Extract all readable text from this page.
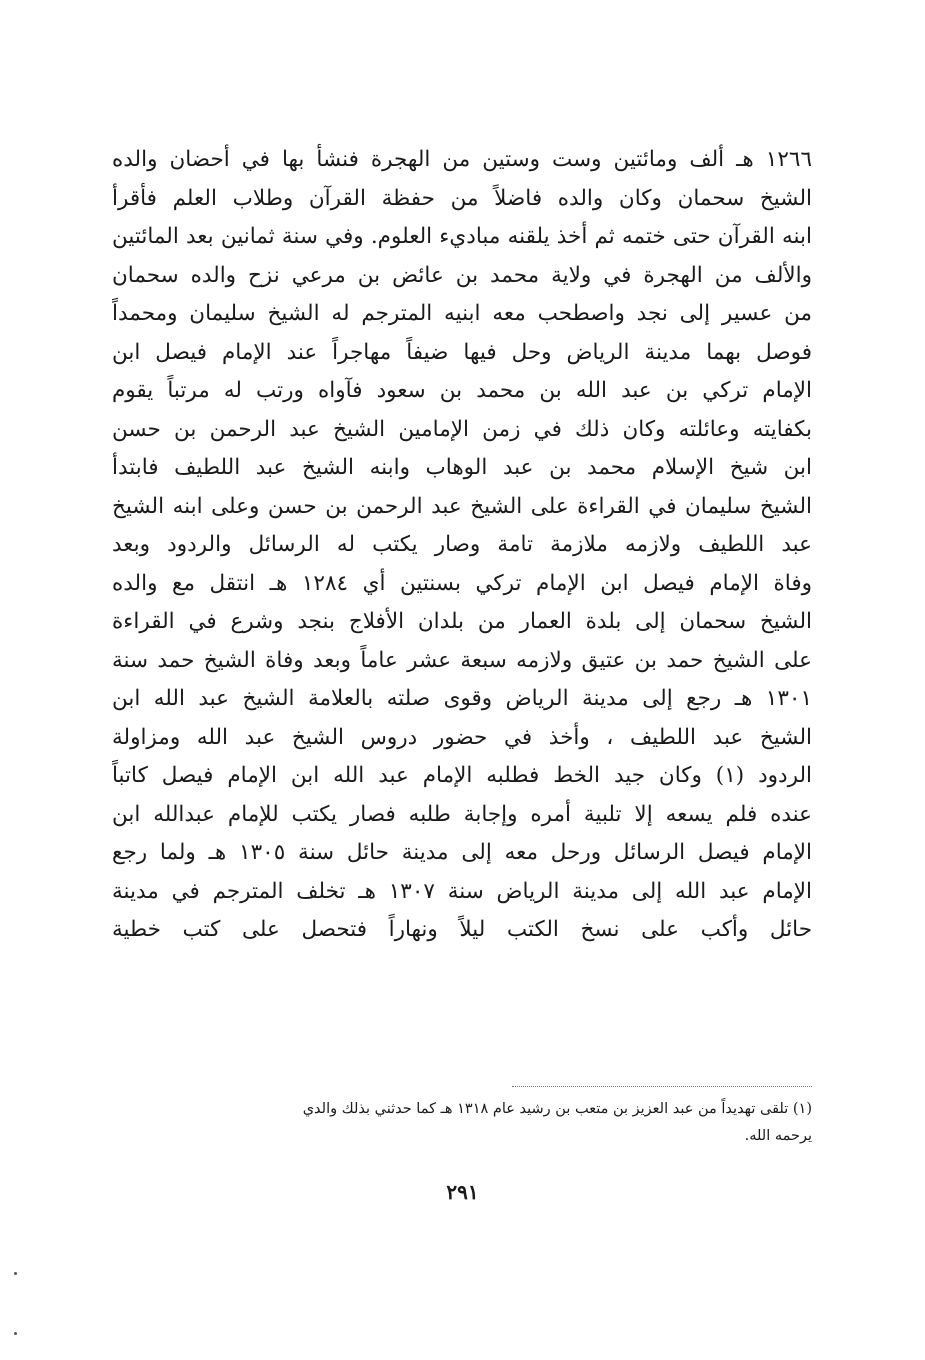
١٢٦٦ هـ ألف ومائتين وست وستين من الهجرة فنشأ بها في أحضان والده
الشيخ سحمان وكان والده فاضلاً من حفظة القرآن وطلاب العلم فأقرأ
ابنه القرآن حتى ختمه ثم أخذ يلقنه مباديء العلوم. وفي سنة ثمانين بعد المائتين
والألف من الهجرة في ولاية محمد بن عائض بن مرعي نزح والده سحمان
من عسير إلى نجد واصطحب معه ابنيه المترجم له الشيخ سليمان ومحمداً
فوصل بهما مدينة الرياض وحل فيها ضيفاً مهاجراً عند الإمام فيصل ابن
الإمام تركي بن عبد الله بن محمد بن سعود فآواه ورتب له مرتباً يقوم
بكفايته وعائلته وكان ذلك في زمن الإمامين الشيخ عبد الرحمن بن حسن
ابن شيخ الإسلام محمد بن عبد الوهاب وابنه الشيخ عبد اللطيف فابتدأ
الشيخ سليمان في القراءة على الشيخ عبد الرحمن بن حسن وعلى ابنه الشيخ
عبد اللطيف ولازمه ملازمة تامة وصار يكتب له الرسائل والردود وبعد
وفاة الإمام فيصل ابن الإمام تركي بسنتين أي ١٢٨٤ هـ انتقل مع والده
الشيخ سحمان إلى بلدة العمار من بلدان الأفلاج بنجد وشرع في القراءة
على الشيخ حمد بن عتيق ولازمه سبعة عشر عاماً وبعد وفاة الشيخ حمد سنة
١٣٠١ هـ رجع إلى مدينة الرياض وقوى صلته بالعلامة الشيخ عبد الله ابن
الشيخ عبد اللطيف ، وأخذ في حضور دروس الشيخ عبد الله ومزاولة
الردود (١) وكان جيد الخط فطلبه الإمام عبد الله ابن الإمام فيصل كاتباً
عنده فلم يسعه إلا تلبية أمره وإجابة طلبه فصار يكتب للإمام عبدالله ابن
الإمام فيصل الرسائل ورحل معه إلى مدينة حائل سنة ١٣٠٥ هـ ولما رجع
الإمام عبد الله إلى مدينة الرياض سنة ١٣٠٧ هـ تخلف المترجم في مدينة
حائل وأكب على نسخ الكتب ليلاً ونهاراً فتحصل على كتب خطية
(١) تلقى تهديداً من عبد العزيز بن متعب بن رشيد عام ١٣١٨ هـ كما حدثني بذلك والدي
يرحمه الله.
٢٩١
